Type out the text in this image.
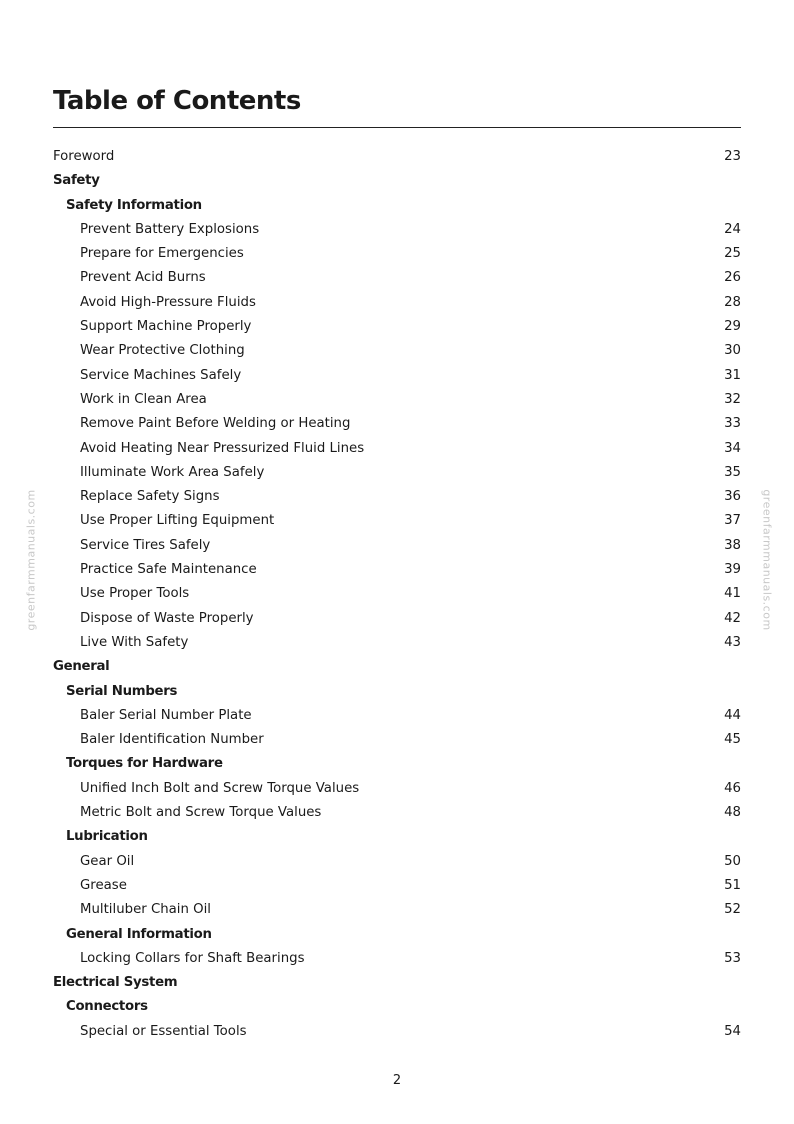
Table of Contents
Foreword	23
Safety
Safety Information
Prevent Battery Explosions	24
Prepare for Emergencies	25
Prevent Acid Burns	26
Avoid High-Pressure Fluids	28
Support Machine Properly	29
Wear Protective Clothing	30
Service Machines Safely	31
Work in Clean Area	32
Remove Paint Before Welding or Heating	33
Avoid Heating Near Pressurized Fluid Lines	34
Illuminate Work Area Safely	35
Replace Safety Signs	36
Use Proper Lifting Equipment	37
Service Tires Safely	38
Practice Safe Maintenance	39
Use Proper Tools	41
Dispose of Waste Properly	42
Live With Safety	43
General
Serial Numbers
Baler Serial Number Plate	44
Baler Identification Number	45
Torques for Hardware
Unified Inch Bolt and Screw Torque Values	46
Metric Bolt and Screw Torque Values	48
Lubrication
Gear Oil	50
Grease	51
Multiluber Chain Oil	52
General Information
Locking Collars for Shaft Bearings	53
Electrical System
Connectors
Special or Essential Tools	54
2
greenfarmmanuals.com	greenfarmmanuals.com
